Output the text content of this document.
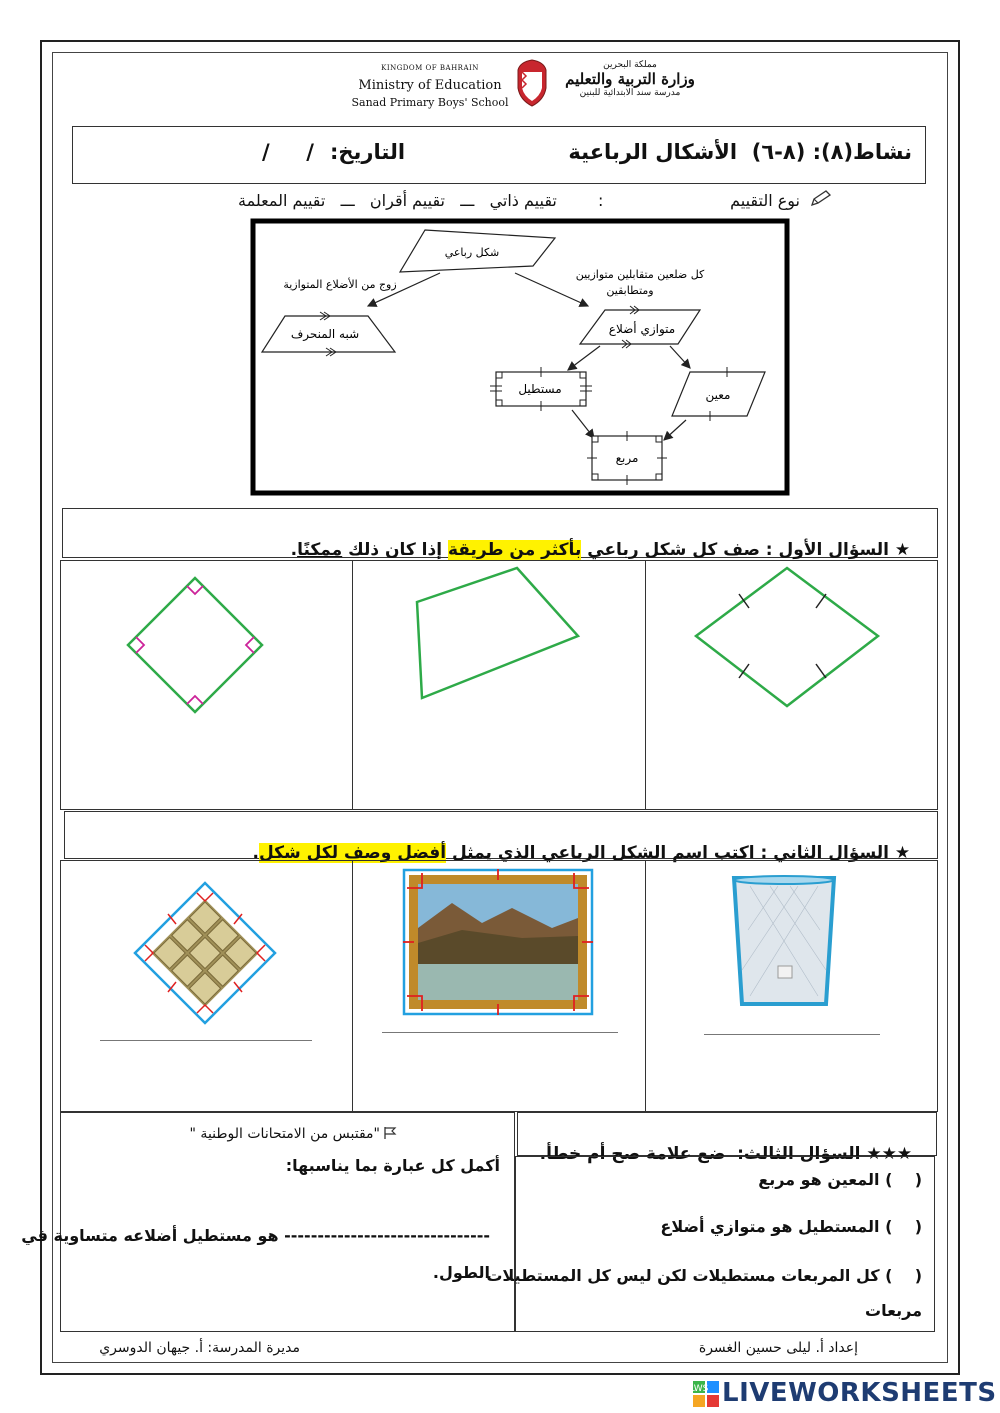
KINGDOM OF BAHRAIN
Ministry of Education
Sanad Primary Boys' School
مملكة البحرين
وزارة التربية والتعليم
مدرسة سند الابتدائية للبنين
نشاط(٨): (٨-٦)  الأشكال الرباعية
التاريخ:
/     /
نوع التقييم
:
تقييم ذاتي   ـــ   تقييم أقران   ـــ   تقييم المعلمة
شكل رباعي
زوج من الأضلاع المتوازية
كل ضلعين متقابلين متوازيين
ومتطابقين
شبه المنحرف	متوازي أضلاع
مستطيل	معين
مربع

★ السؤال الأول : صف كل شكل رباعي بأكثر من طريقة إذا كان ذلك ممكنًا.

★ السؤال الثاني : اكتب اسم الشكل الرباعي الذي يمثل أفضل وصف لكل شكل.

★★★ السؤال الثالث:  ضع علامة صح أم خطأ.

(    ) المعين هو مربع
(    ) المستطيل هو متوازي أضلاع
(    ) كل المربعات مستطيلات لكن ليس كل المستطيلات
مربعات
"مقتبس من الامتحانات الوطنية "
أكمل كل عبارة بما يناسبها:
------------------------------- هو مستطيل أضلاعه متساوية في
الطول.
إعداد أ. ليلى حسين الغسرة
مديرة المدرسة: أ. جيهان الدوسري
LWS LIVEWORKSHEETS
